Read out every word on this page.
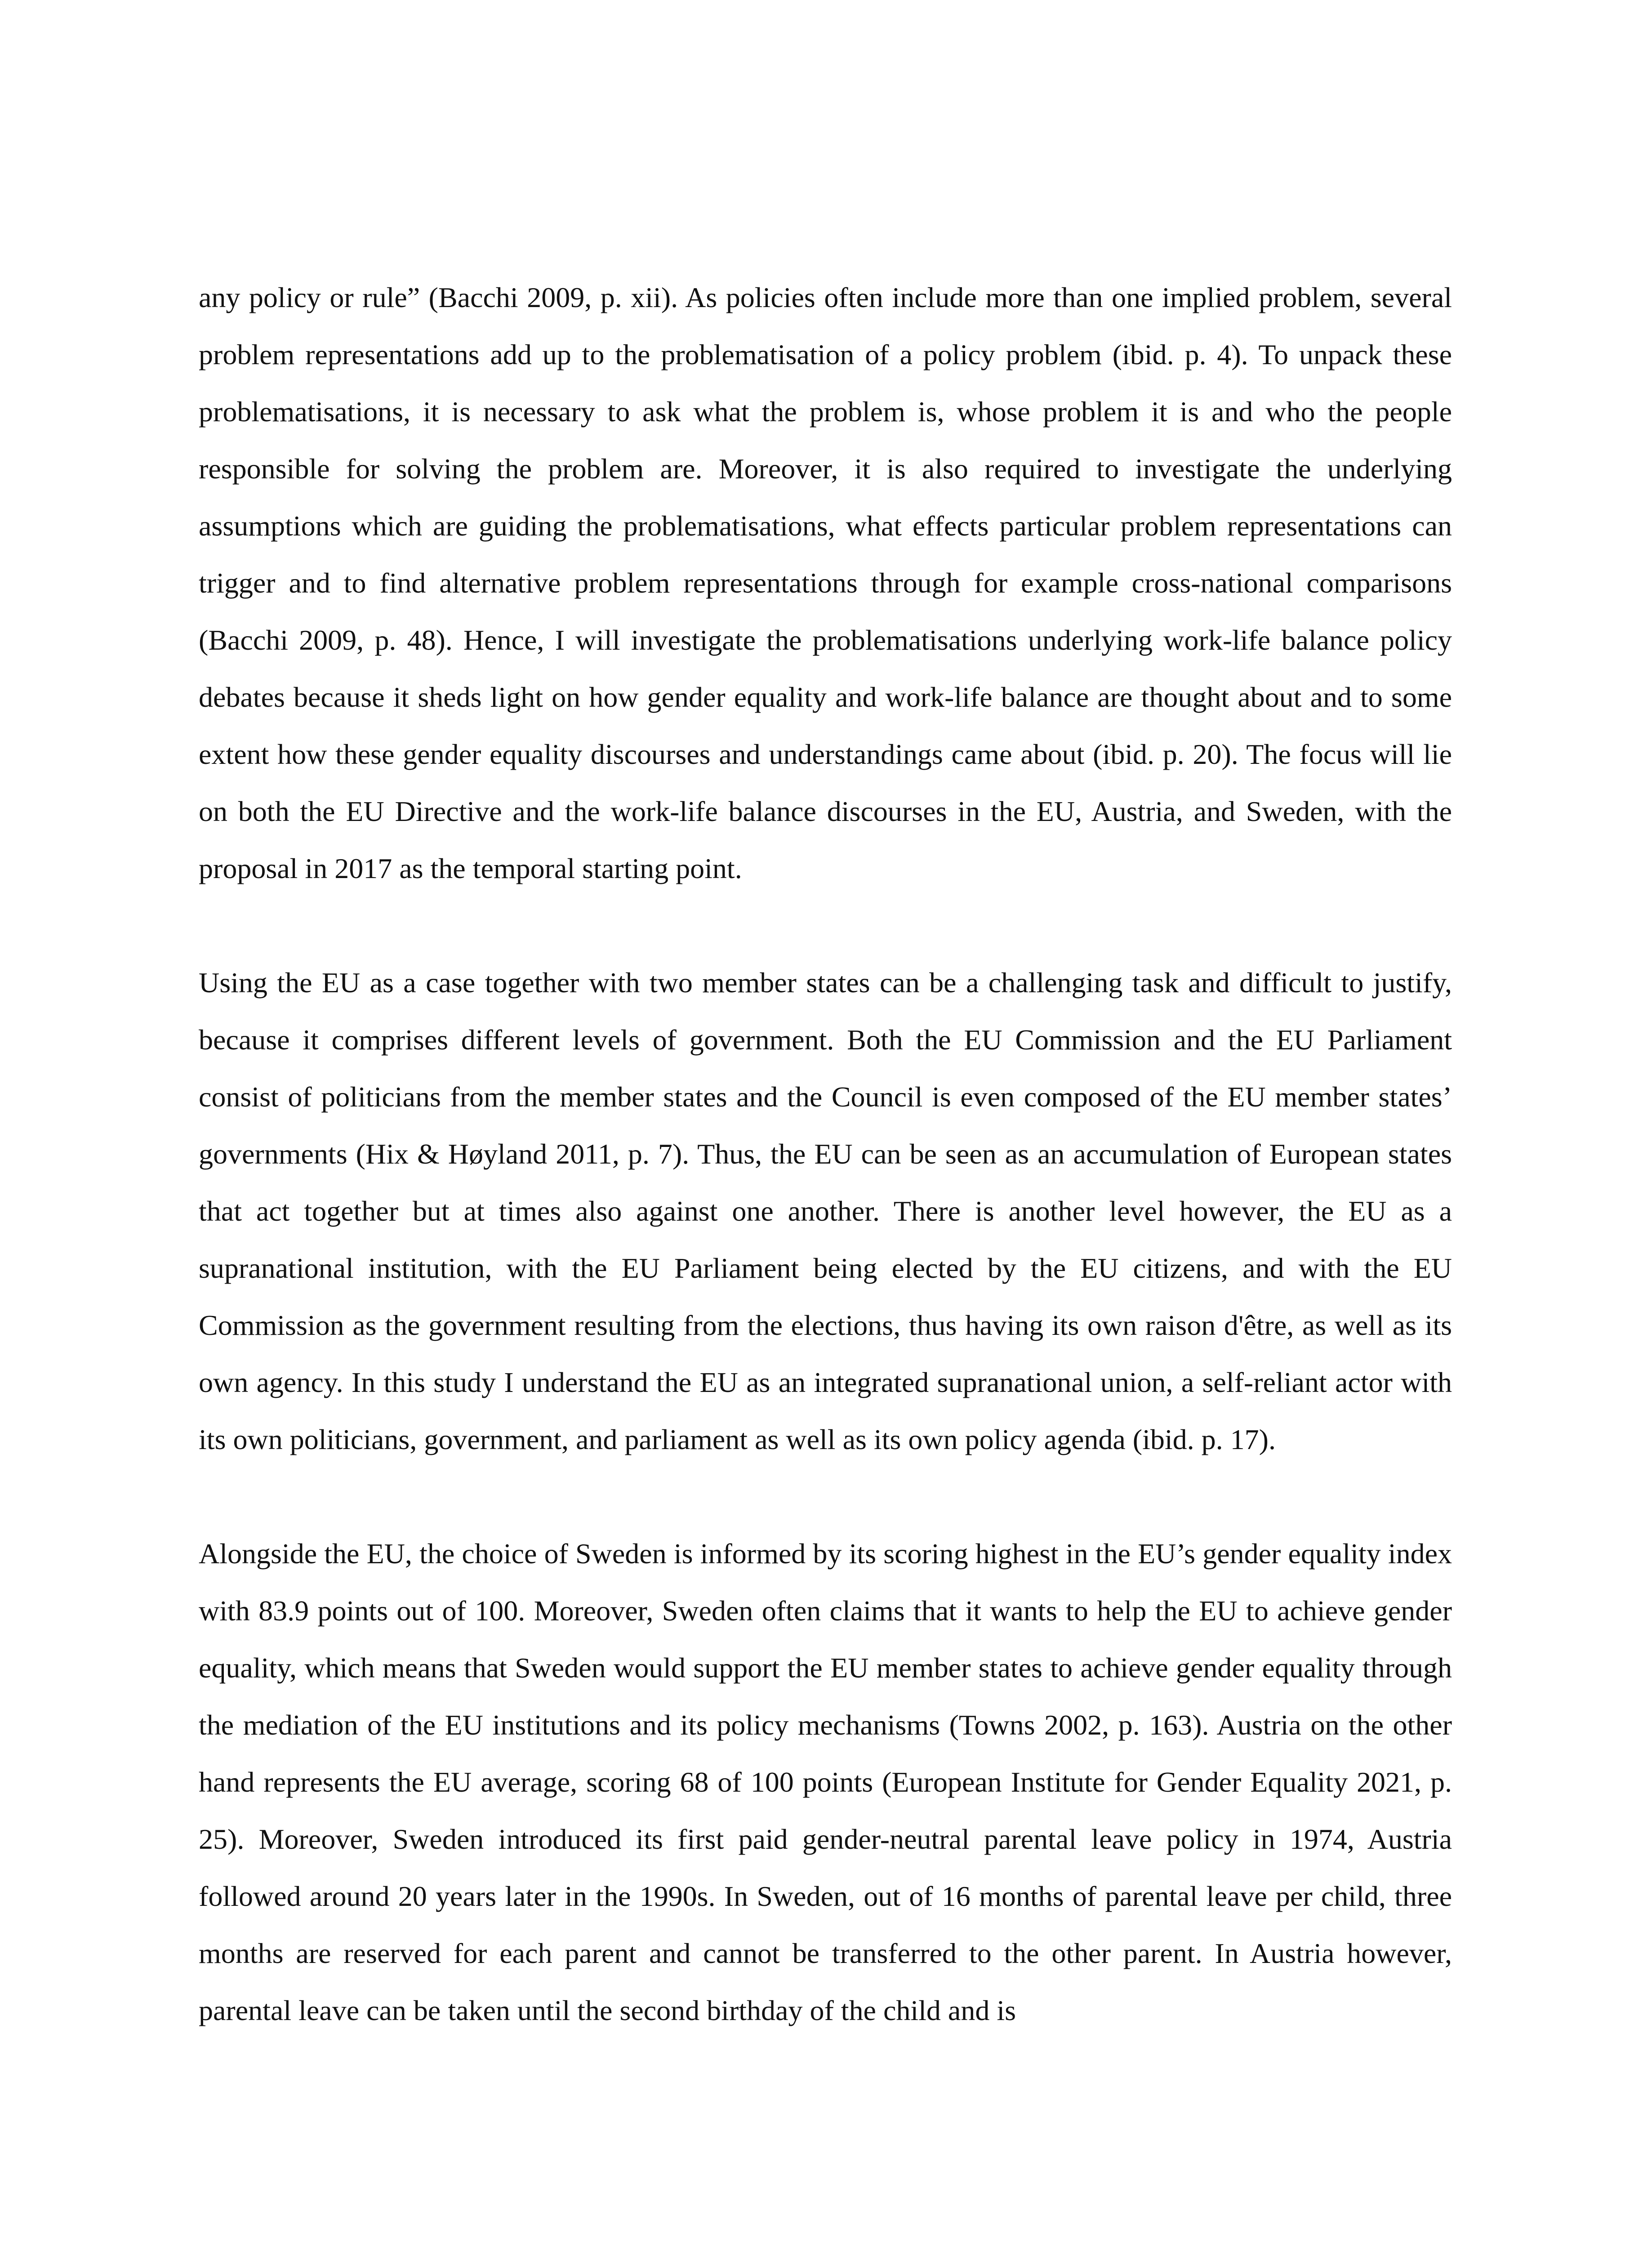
any policy or rule” (Bacchi 2009, p. xii). As policies often include more than one implied problem, several problem representations add up to the problematisation of a policy problem (ibid. p. 4). To unpack these problematisations, it is necessary to ask what the problem is, whose problem it is and who the people responsible for solving the problem are. Moreover, it is also required to investigate the underlying assumptions which are guiding the problematisations, what effects particular problem representations can trigger and to find alternative problem representations through for example cross-national comparisons (Bacchi 2009, p. 48). Hence, I will investigate the problematisations underlying work-life balance policy debates because it sheds light on how gender equality and work-life balance are thought about and to some extent how these gender equality discourses and understandings came about (ibid. p. 20). The focus will lie on both the EU Directive and the work-life balance discourses in the EU, Austria, and Sweden, with the proposal in 2017 as the temporal starting point.

Using the EU as a case together with two member states can be a challenging task and difficult to justify, because it comprises different levels of government. Both the EU Commission and the EU Parliament consist of politicians from the member states and the Council is even composed of the EU member states’ governments (Hix & Høyland 2011, p. 7). Thus, the EU can be seen as an accumulation of European states that act together but at times also against one another. There is another level however, the EU as a supranational institution, with the EU Parliament being elected by the EU citizens, and with the EU Commission as the government resulting from the elections, thus having its own raison d'être, as well as its own agency. In this study I understand the EU as an integrated supranational union, a self-reliant actor with its own politicians, government, and parliament as well as its own policy agenda (ibid. p. 17).

Alongside the EU, the choice of Sweden is informed by its scoring highest in the EU’s gender equality index with 83.9 points out of 100. Moreover, Sweden often claims that it wants to help the EU to achieve gender equality, which means that Sweden would support the EU member states to achieve gender equality through the mediation of the EU institutions and its policy mechanisms (Towns 2002, p. 163). Austria on the other hand represents the EU average, scoring 68 of 100 points (European Institute for Gender Equality 2021, p. 25). Moreover, Sweden introduced its first paid gender-neutral parental leave policy in 1974, Austria followed around 20 years later in the 1990s. In Sweden, out of 16 months of parental leave per child, three months are reserved for each parent and cannot be transferred to the other parent. In Austria however, parental leave can be taken until the second birthday of the child and is
